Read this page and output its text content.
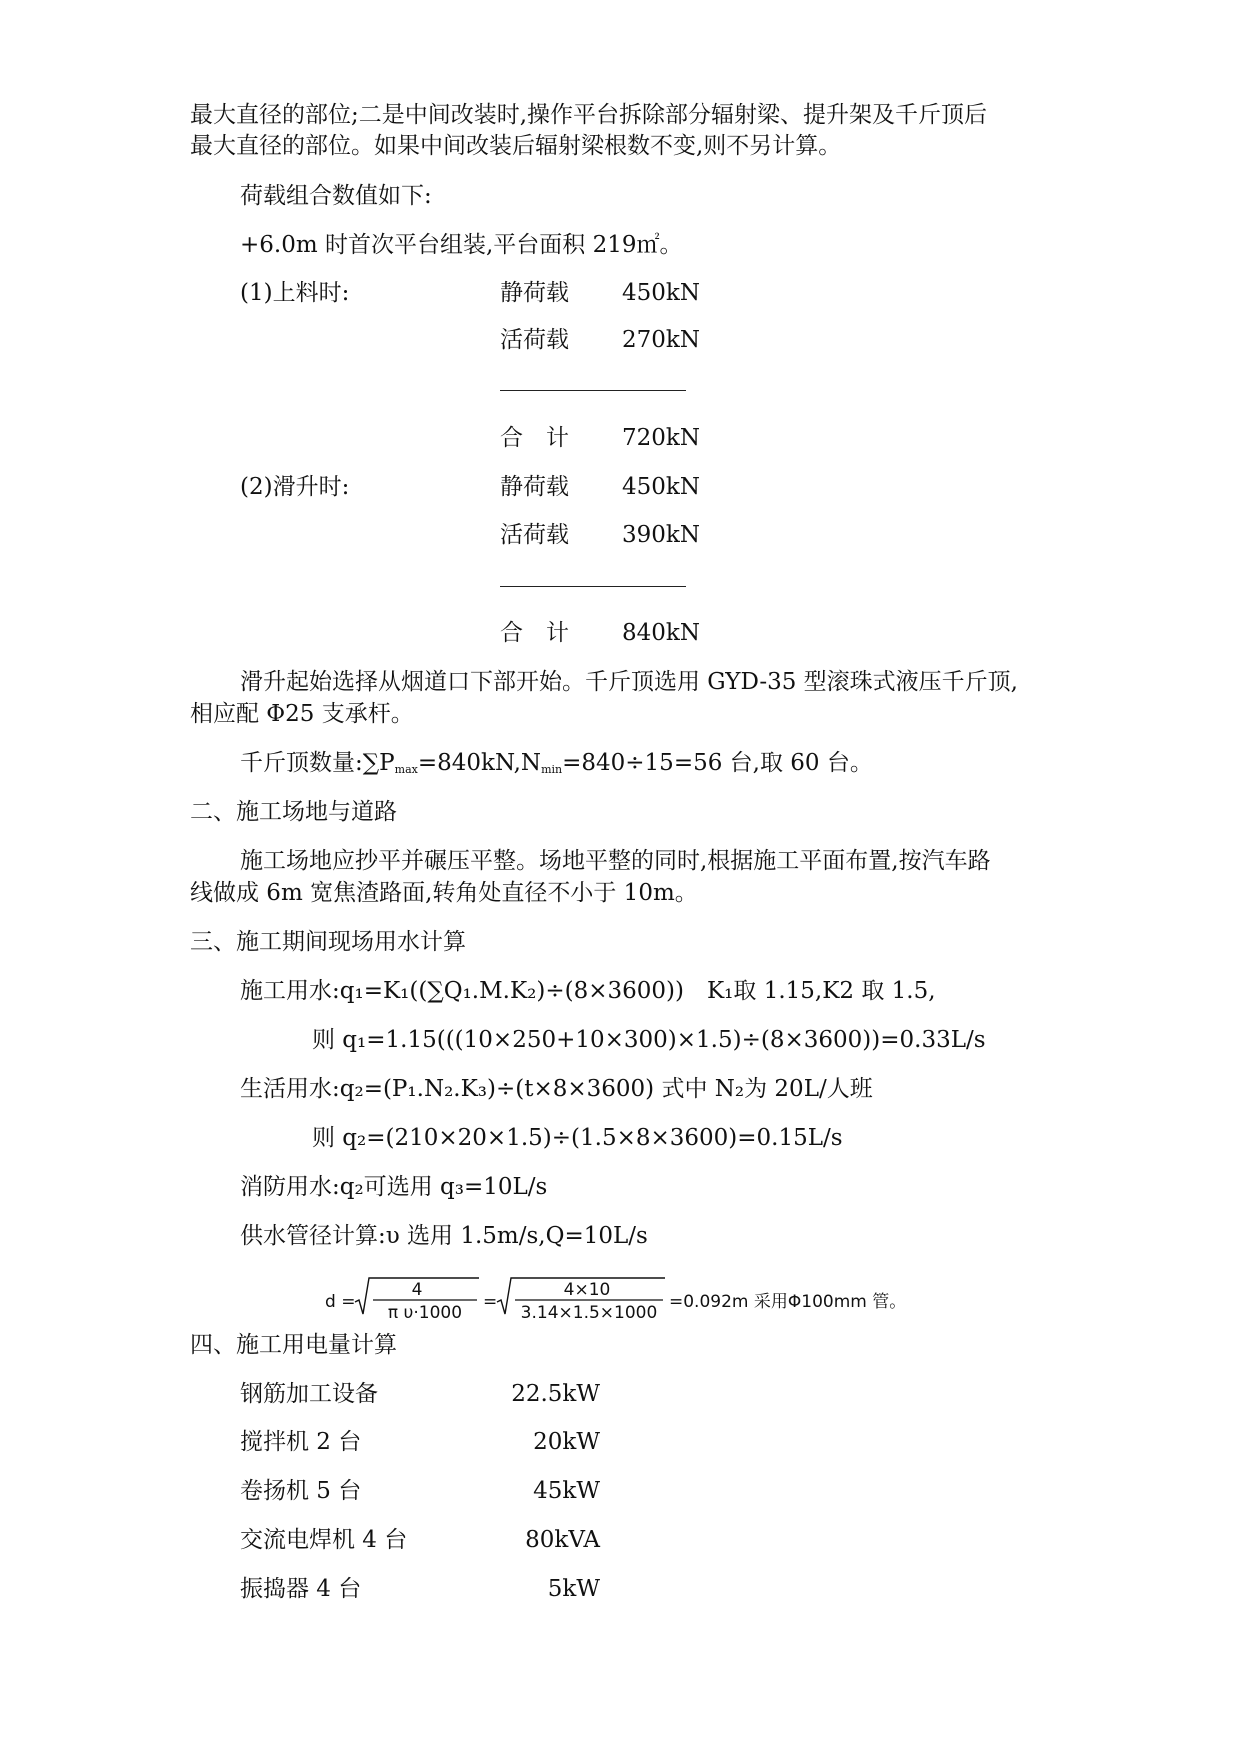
最大直径的部位;二是中间改装时,操作平台拆除部分辐射梁、提升架及千斤顶后
最大直径的部位。如果中间改装后辐射梁根数不变,则不另计算。
荷载组合数值如下:
+6.0m 时首次平台组装,平台面积 219㎡。
(1)上料时:	静荷载 450kN
活荷载 270kN
合　计 720kN
(2)滑升时:	静荷载 450kN
活荷载 390kN
合　计 840kN
滑升起始选择从烟道口下部开始。千斤顶选用 GYD-35 型滚珠式液压千斤顶,
相应配 Φ25 支承杆。
千斤顶数量$:\sum P_{max}=840kN,N_{min}=840\div 15=56$ 台,取 60 台。
二、施工场地与道路
施工场地应抄平并碾压平整。场地平整的同时,根据施工平面布置,按汽车路
线做成 6m 宽焦渣路面,转角处直径不小于 10m。
三、施工期间现场用水计算
施工用水:q₁=K₁((∑Q₁.M.K₂)÷(8×3600))　K₁取 1.15,K2 取 1.5,
则 q₁=1.15(((10×250+10×300)×1.5)÷(8×3600))=0.33L/s
生活用水:q₂=(P₁.N₂.K₃)÷(t×8×3600) 式中 N₂为 20L/人班
则 q₂=(210×20×1.5)÷(1.5×8×3600)=0.15L/s
消防用水:q₂可选用 q₃=10L/s
供水管径计算:υ 选用 1.5m/s,Q=10L/s
d =
4
π υ·1000
=
4×10
3.14×1.5×1000
=0.092m 采用Φ100mm 管。
四、施工用电量计算
钢筋加工设备	22.5kW
搅拌机 2 台	20kW
卷扬机 5 台	45kW
交流电焊机 4 台	80kVA
振捣器 4 台	5kW
